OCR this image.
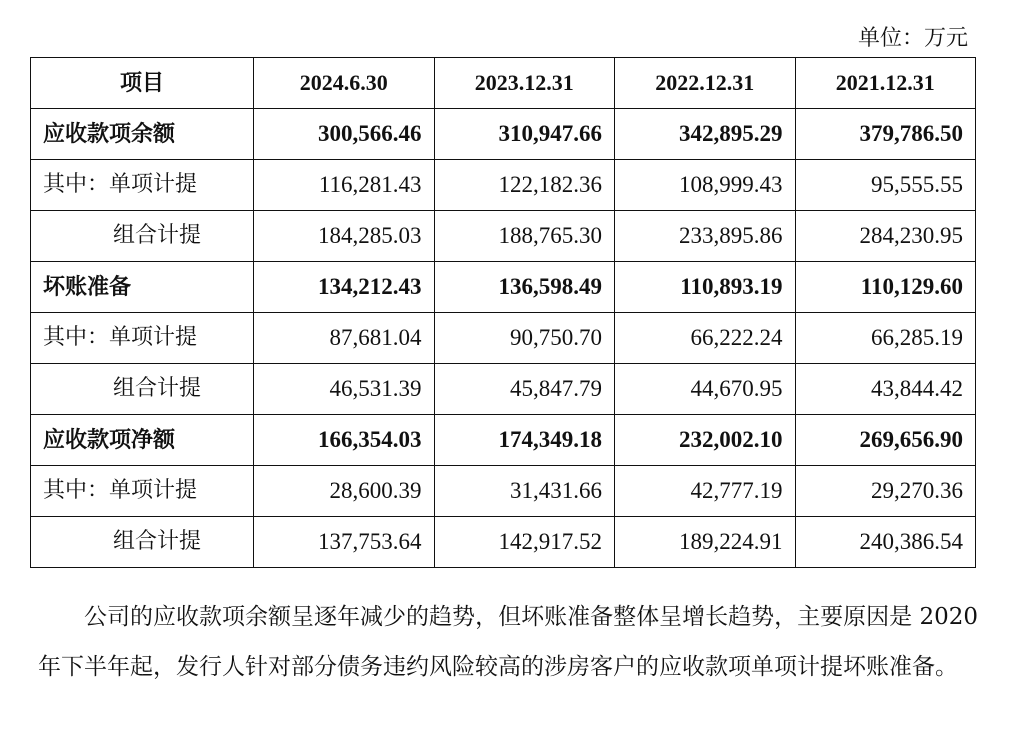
单位：万元
项目	2024.6.30	2023.12.31	2022.12.31	2021.12.31
应收款项余额	300,566.46	310,947.66	342,895.29	379,786.50
其中：单项计提	116,281.43	122,182.36	108,999.43	95,555.55
组合计提	184,285.03	188,765.30	233,895.86	284,230.95
坏账准备	134,212.43	136,598.49	110,893.19	110,129.60
其中：单项计提	87,681.04	90,750.70	66,222.24	66,285.19
组合计提	46,531.39	45,847.79	44,670.95	43,844.42
应收款项净额	166,354.03	174,349.18	232,002.10	269,656.90
其中：单项计提	28,600.39	31,431.66	42,777.19	29,270.36
组合计提	137,753.64	142,917.52	189,224.91	240,386.54

公司的应收款项余额呈逐年减少的趋势，但坏账准备整体呈增长趋势，主要原因是 2020 年下半年起，发行人针对部分债务违约风险较高的涉房客户的应收款项单项计提坏账准备。
